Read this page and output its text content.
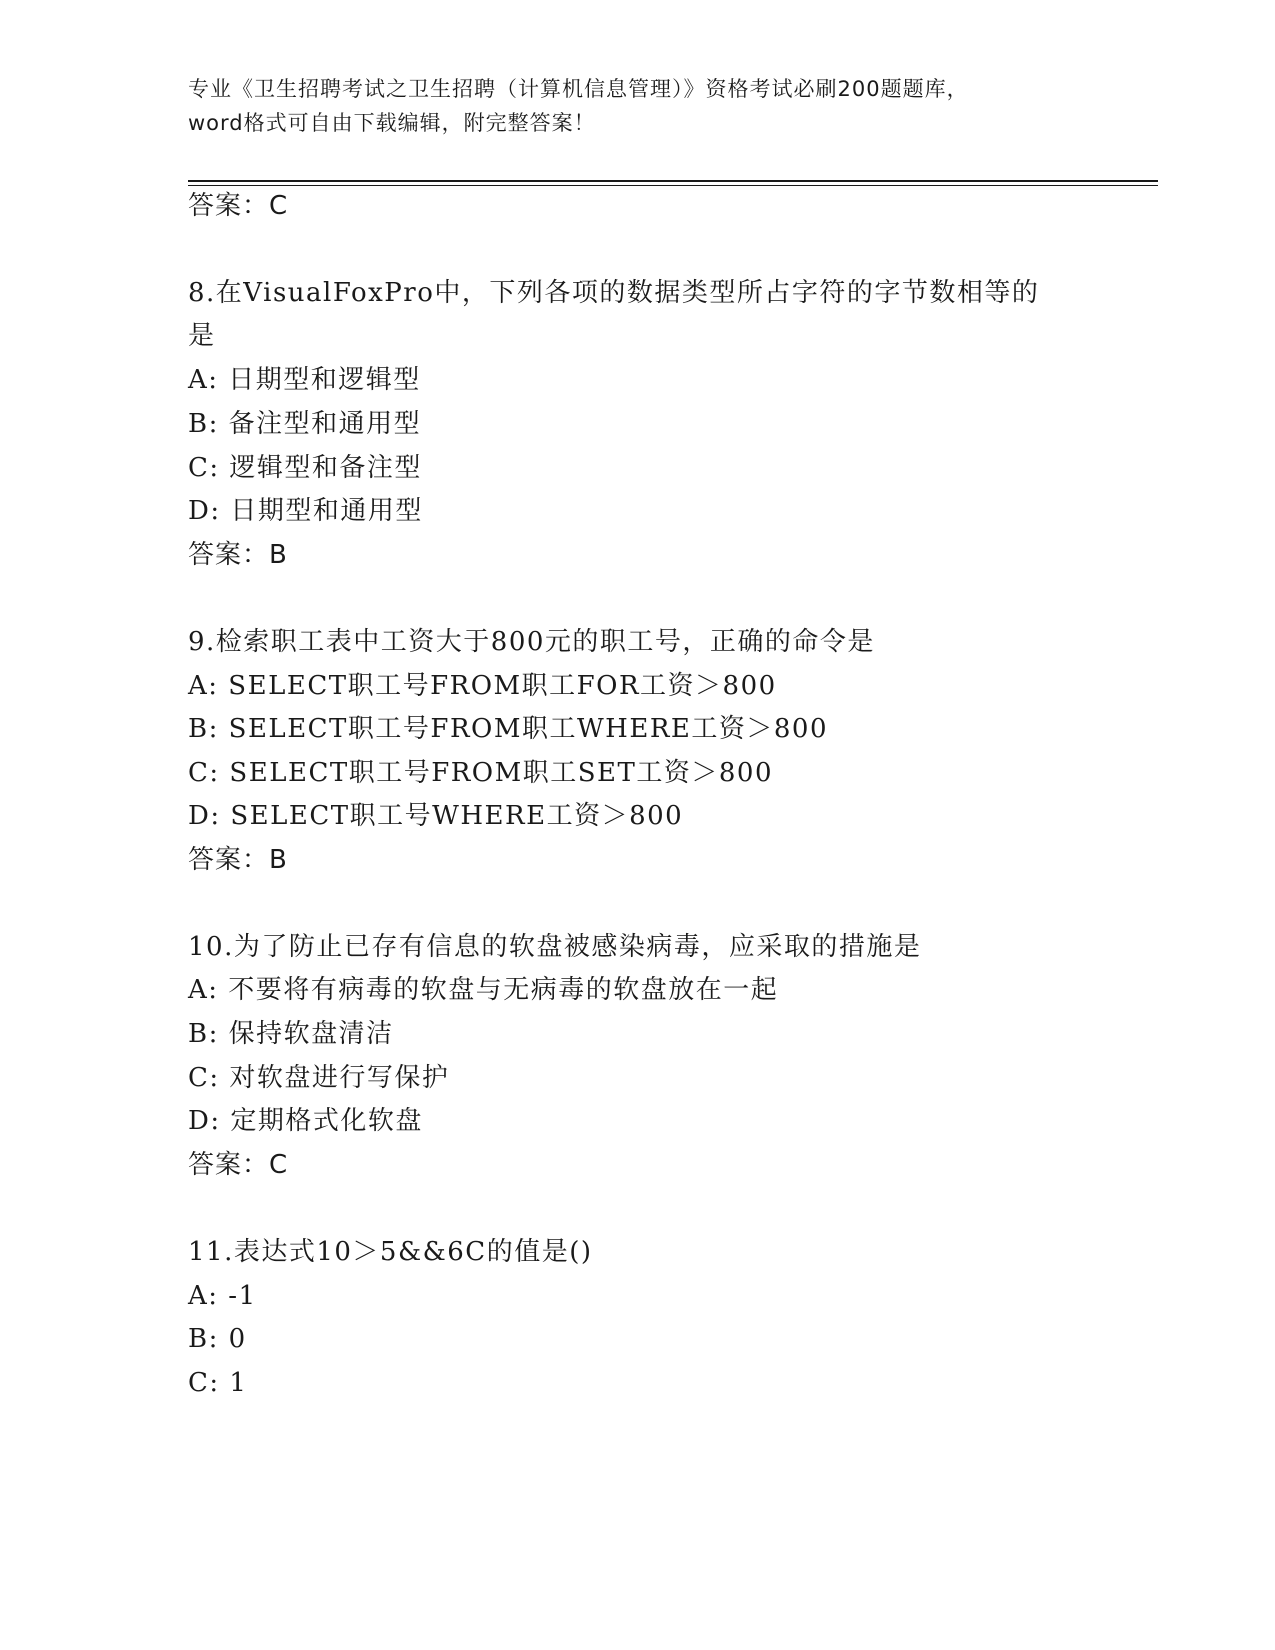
专业《卫生招聘考试之卫生招聘（计算机信息管理）》资格考试必刷200题题库，
word格式可自由下载编辑，附完整答案！
答案：C
8.在VisualFoxPro中，下列各项的数据类型所占字符的字节数相等的
是
A: 日期型和逻辑型
B: 备注型和通用型
C: 逻辑型和备注型
D: 日期型和通用型
答案：B
9.检索职工表中工资大于800元的职工号，正确的命令是
A: SELECT职工号FROM职工FOR工资＞800
B: SELECT职工号FROM职工WHERE工资＞800
C: SELECT职工号FROM职工SET工资＞800
D: SELECT职工号WHERE工资＞800
答案：B
10.为了防止已存有信息的软盘被感染病毒，应采取的措施是
A: 不要将有病毒的软盘与无病毒的软盘放在一起
B: 保持软盘清洁
C: 对软盘进行写保护
D: 定期格式化软盘
答案：C
11.表达式10＞5&&6C的值是()
A: -1
B: 0
C: 1
